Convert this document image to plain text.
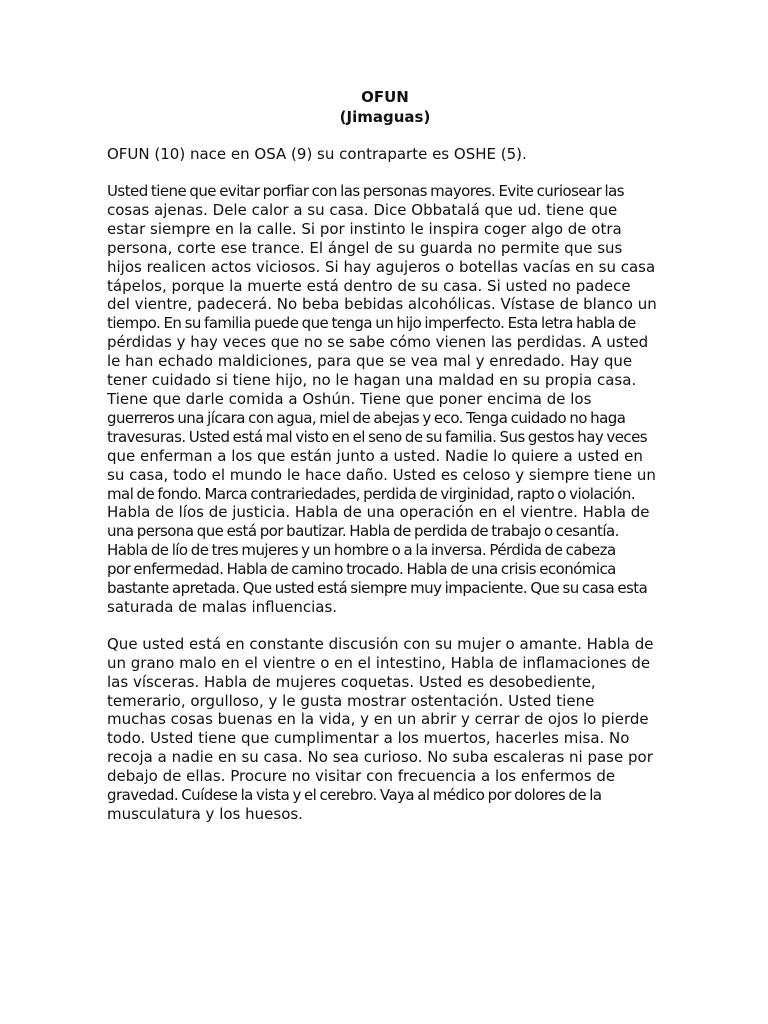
OFUN
(Jimaguas)

OFUN (10) nace en OSA (9) su contraparte es OSHE (5).

Usted tiene que evitar porfiar con las personas mayores. Evite curiosear las
cosas ajenas. Dele calor a su casa. Dice Obbatalá que ud. tiene que
estar siempre en la calle. Si por instinto le inspira coger algo de otra
persona, corte ese trance. El ángel de su guarda no permite que sus
hijos realicen actos viciosos. Si hay agujeros o botellas vacías en su casa
tápelos, porque la muerte está dentro de su casa. Si usted no padece
del vientre, padecerá. No beba bebidas alcohólicas. Vístase de blanco un
tiempo. En su familia puede que tenga un hijo imperfecto. Esta letra habla de
pérdidas y hay veces que no se sabe cómo vienen las perdidas. A usted
le han echado maldiciones, para que se vea mal y enredado. Hay que
tener cuidado si tiene hijo, no le hagan una maldad en su propia casa.
Tiene que darle comida a Oshún. Tiene que poner encima de los
guerreros una jícara con agua, miel de abejas y eco. Tenga cuidado no haga
travesuras. Usted está mal visto en el seno de su familia. Sus gestos hay veces
que enferman a los que están junto a usted. Nadie lo quiere a usted en
su casa, todo el mundo le hace daño. Usted es celoso y siempre tiene un
mal de fondo. Marca contrariedades, perdida de virginidad, rapto o violación.
Habla de líos de justicia. Habla de una operación en el vientre. Habla de
una persona que está por bautizar. Habla de perdida de trabajo o cesantía.
Habla de lío de tres mujeres y un hombre o a la inversa. Pérdida de cabeza
por enfermedad. Habla de camino trocado. Habla de una crisis económica
bastante apretada. Que usted está siempre muy impaciente. Que su casa esta
saturada de malas influencias.

Que usted está en constante discusión con su mujer o amante. Habla de
un grano malo en el vientre o en el intestino, Habla de inflamaciones de
las vísceras. Habla de mujeres coquetas. Usted es desobediente,
temerario, orgulloso, y le gusta mostrar ostentación. Usted tiene
muchas cosas buenas en la vida, y en un abrir y cerrar de ojos lo pierde
todo. Usted tiene que cumplimentar a los muertos, hacerles misa. No
recoja a nadie en su casa. No sea curioso. No suba escaleras ni pase por
debajo de ellas. Procure no visitar con frecuencia a los enfermos de
gravedad. Cuídese la vista y el cerebro. Vaya al médico por dolores de la
musculatura y los huesos.
